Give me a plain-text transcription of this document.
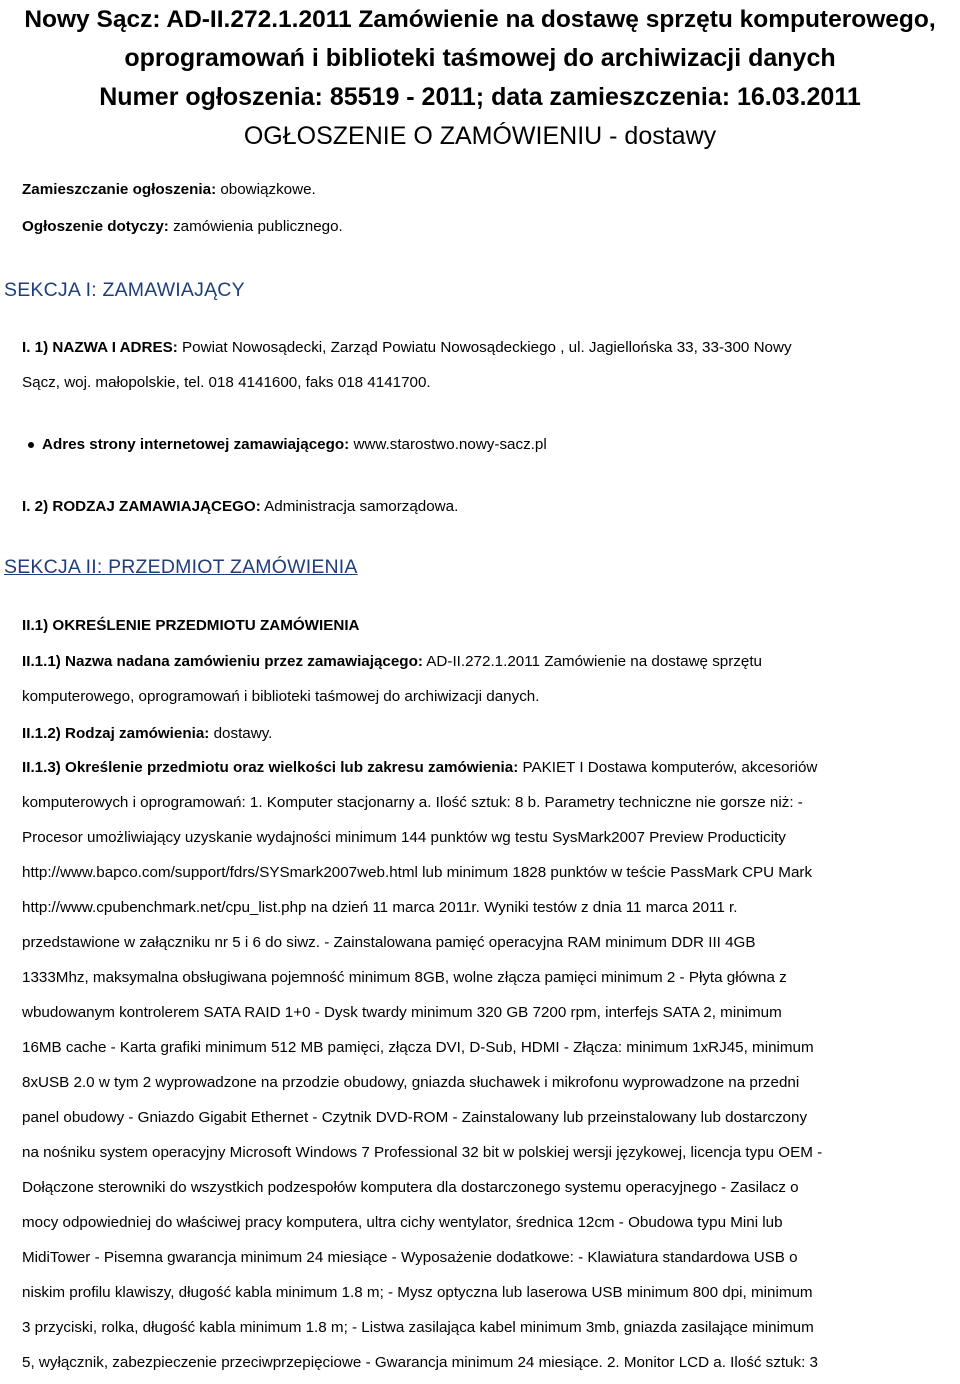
Nowy Sącz: AD-II.272.1.2011 Zamówienie na dostawę sprzętu komputerowego,
oprogramowań i biblioteki taśmowej do archiwizacji danych
Numer ogłoszenia: 85519 - 2011; data zamieszczenia: 16.03.2011
OGŁOSZENIE O ZAMÓWIENIU - dostawy
Zamieszczanie ogłoszenia: obowiązkowe.
Ogłoszenie dotyczy: zamówienia publicznego.
SEKCJA I: ZAMAWIAJĄCY
I. 1) NAZWA I ADRES: Powiat Nowosądecki, Zarząd Powiatu Nowosądeckiego , ul. Jagiellońska 33, 33-300 Nowy
Sącz, woj. małopolskie, tel. 018 4141600, faks 018 4141700.
Adres strony internetowej zamawiającego: www.starostwo.nowy-sacz.pl
I. 2) RODZAJ ZAMAWIAJĄCEGO: Administracja samorządowa.
SEKCJA II: PRZEDMIOT ZAMÓWIENIA
II.1) OKREŚLENIE PRZEDMIOTU ZAMÓWIENIA
II.1.1) Nazwa nadana zamówieniu przez zamawiającego: AD-II.272.1.2011 Zamówienie na dostawę sprzętu
komputerowego, oprogramowań i biblioteki taśmowej do archiwizacji danych.
II.1.2) Rodzaj zamówienia: dostawy.
II.1.3) Określenie przedmiotu oraz wielkości lub zakresu zamówienia: PAKIET I Dostawa komputerów, akcesoriów
komputerowych i oprogramowań: 1. Komputer stacjonarny a. Ilość sztuk: 8 b. Parametry techniczne nie gorsze niż: -
Procesor umożliwiający uzyskanie wydajności minimum 144 punktów wg testu SysMark2007 Preview Producticity
http://www.bapco.com/support/fdrs/SYSmark2007web.html lub minimum 1828 punktów w teście PassMark CPU Mark
http://www.cpubenchmark.net/cpu_list.php na dzień 11 marca 2011r. Wyniki testów z dnia 11 marca 2011 r.
przedstawione w załączniku nr 5 i 6 do siwz. - Zainstalowana pamięć operacyjna RAM minimum DDR III 4GB
1333Mhz, maksymalna obsługiwana pojemność minimum 8GB, wolne złącza pamięci minimum 2 - Płyta główna z
wbudowanym kontrolerem SATA RAID 1+0 - Dysk twardy minimum 320 GB 7200 rpm, interfejs SATA 2, minimum
16MB cache - Karta grafiki minimum 512 MB pamięci, złącza DVI, D-Sub, HDMI - Złącza: minimum 1xRJ45, minimum
8xUSB 2.0 w tym 2 wyprowadzone na przodzie obudowy, gniazda słuchawek i mikrofonu wyprowadzone na przedni
panel obudowy - Gniazdo Gigabit Ethernet - Czytnik DVD-ROM - Zainstalowany lub przeinstalowany lub dostarczony
na nośniku system operacyjny Microsoft Windows 7 Professional 32 bit w polskiej wersji językowej, licencja typu OEM -
Dołączone sterowniki do wszystkich podzespołów komputera dla dostarczonego systemu operacyjnego - Zasilacz o
mocy odpowiedniej do właściwej pracy komputera, ultra cichy wentylator, średnica 12cm - Obudowa typu Mini lub
MidiTower - Pisemna gwarancja minimum 24 miesiące - Wyposażenie dodatkowe: - Klawiatura standardowa USB o
niskim profilu klawiszy, długość kabla minimum 1.8 m; - Mysz optyczna lub laserowa USB minimum 800 dpi, minimum
3 przyciski, rolka, długość kabla minimum 1.8 m; - Listwa zasilająca kabel minimum 3mb, gniazda zasilające minimum
5, wyłącznik, zabezpieczenie przeciwprzepięciowe - Gwarancja minimum 24 miesiące. 2. Monitor LCD a. Ilość sztuk: 3
